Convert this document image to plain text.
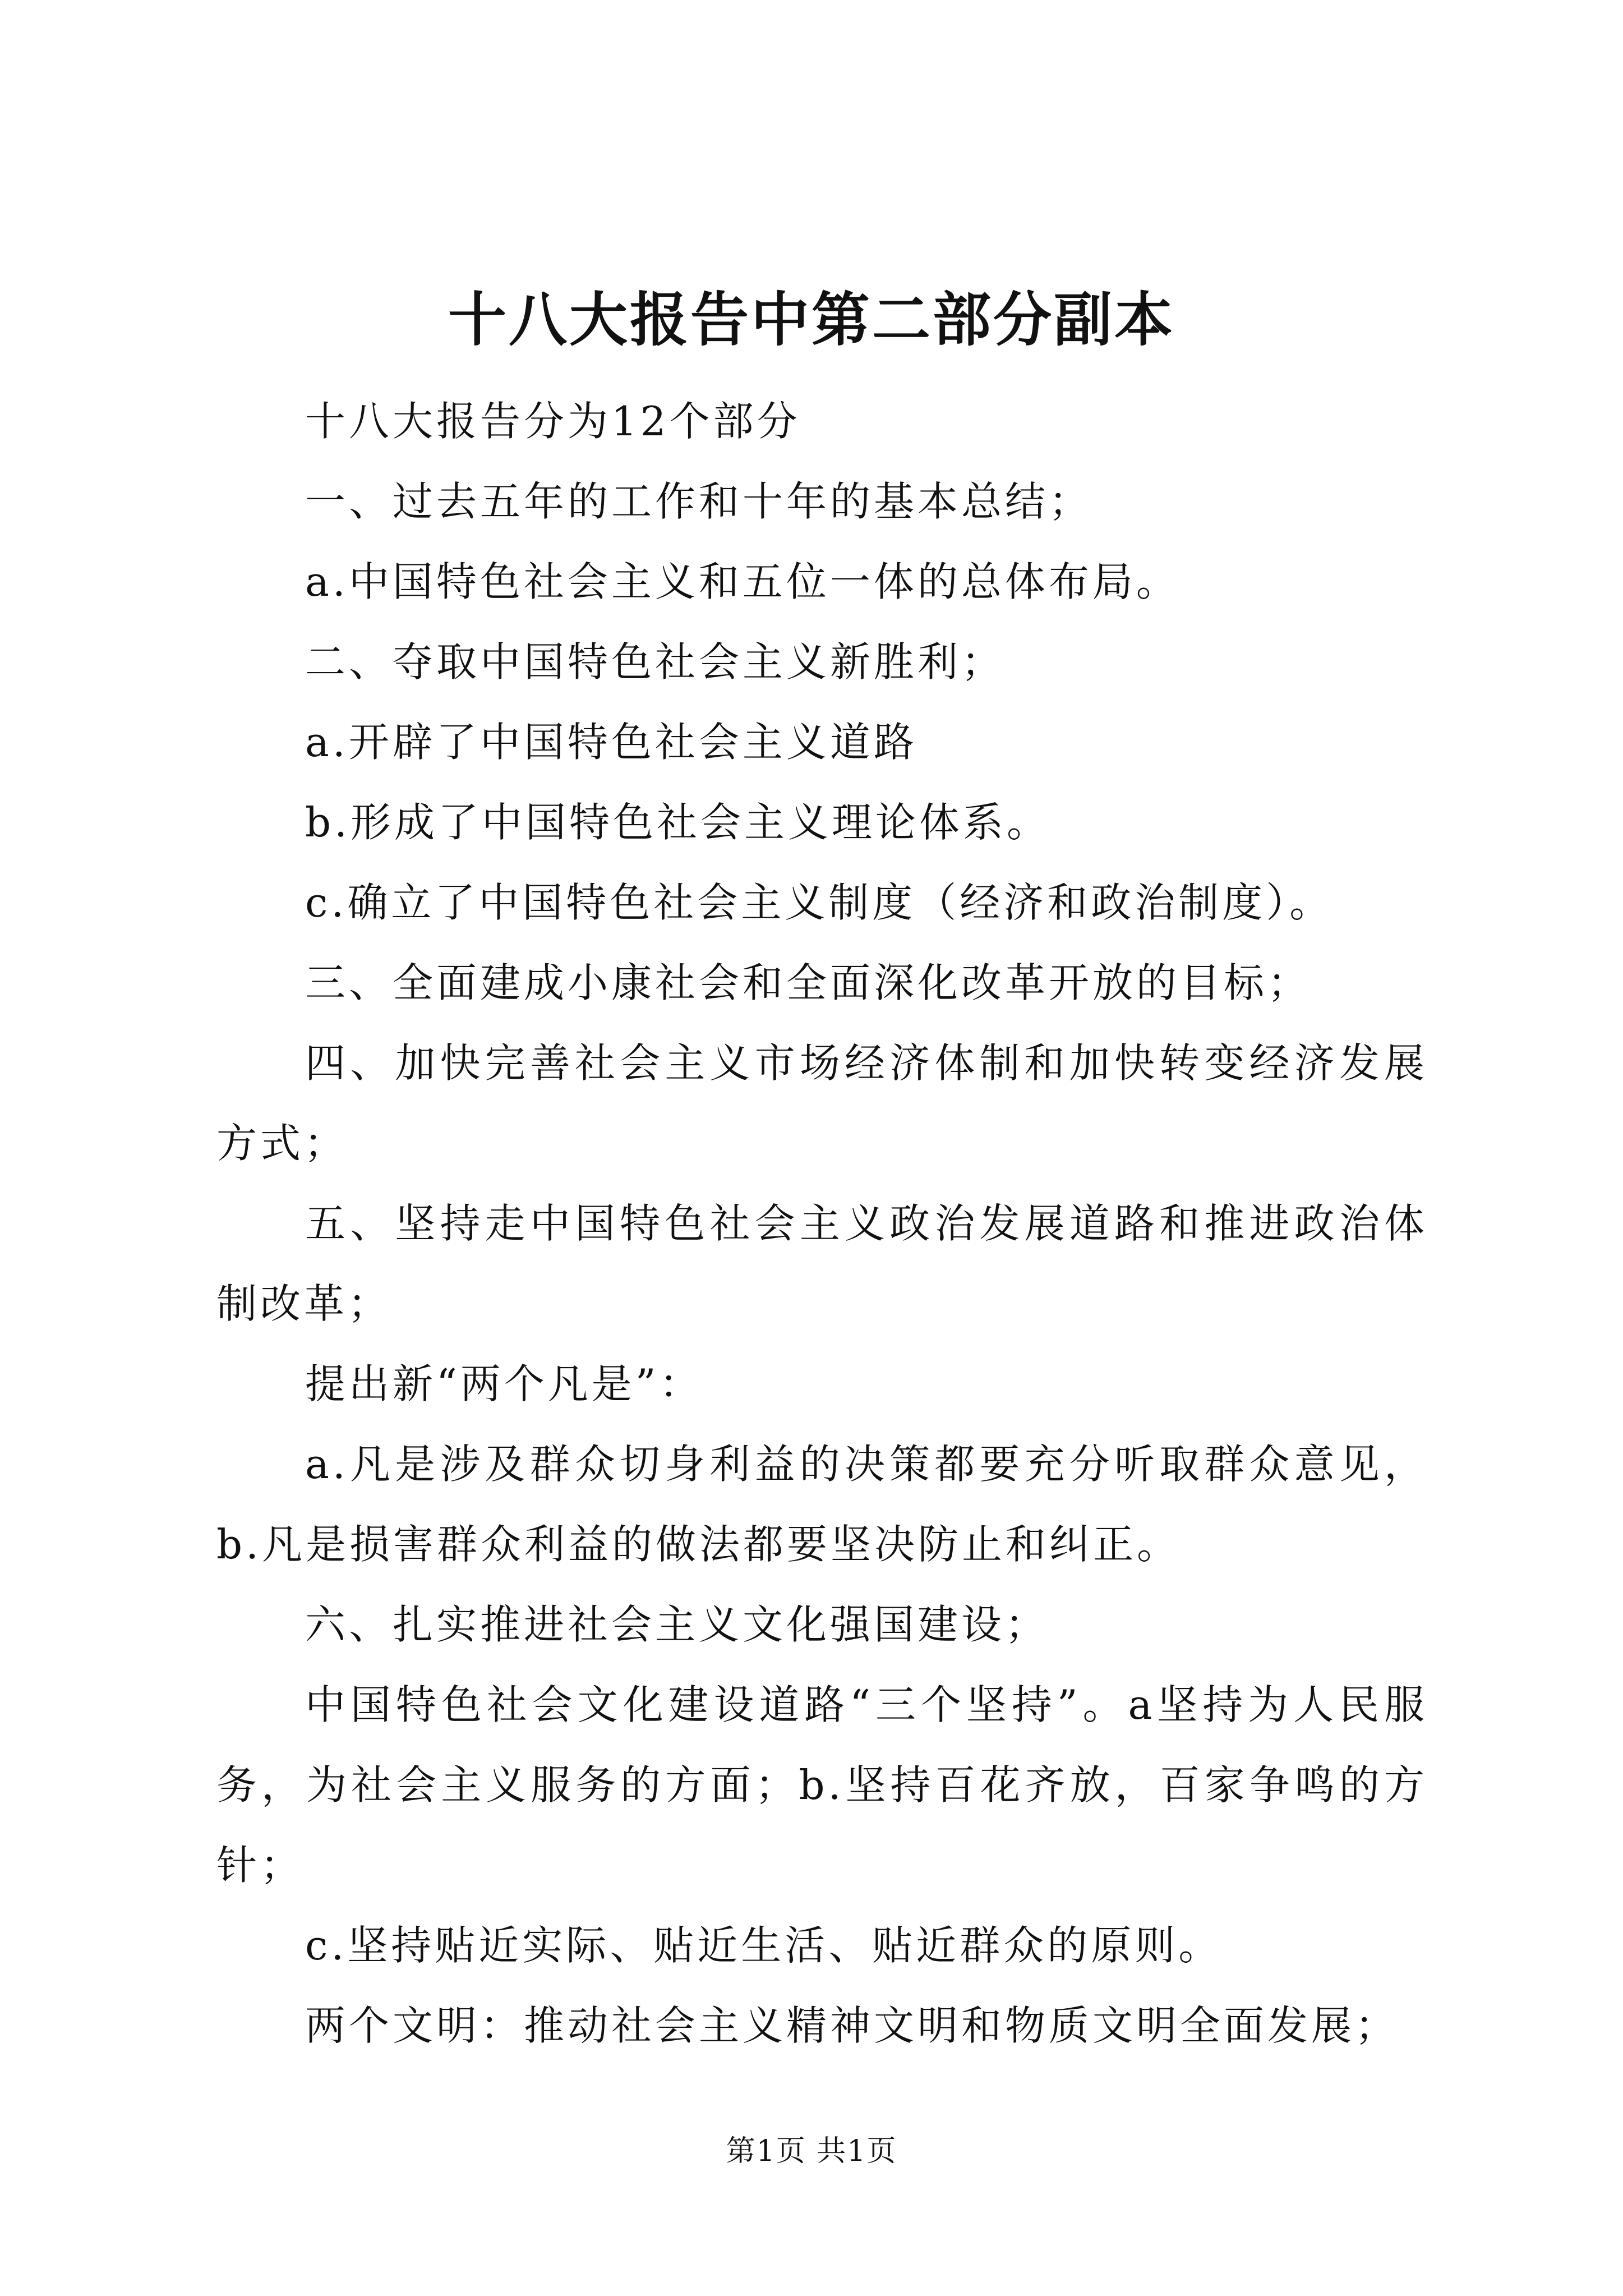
十八大报告中第二部分副本

十八大报告分为12个部分

一、过去五年的工作和十年的基本总结；

a.中国特色社会主义和五位一体的总体布局。

二、夺取中国特色社会主义新胜利；

a.开辟了中国特色社会主义道路

b.形成了中国特色社会主义理论体系。

c.确立了中国特色社会主义制度（经济和政治制度）。

三、全面建成小康社会和全面深化改革开放的目标；

四、加快完善社会主义市场经济体制和加快转变经济发展方式；

五、坚持走中国特色社会主义政治发展道路和推进政治体制改革；

提出新“两个凡是”：

a.凡是涉及群众切身利益的决策都要充分听取群众意见，b.凡是损害群众利益的做法都要坚决防止和纠正。

六、扎实推进社会主义文化强国建设；

中国特色社会文化建设道路“三个坚持”。a坚持为人民服务，为社会主义服务的方面；b.坚持百花齐放，百家争鸣的方针；

c.坚持贴近实际、贴近生活、贴近群众的原则。

两个文明：推动社会主义精神文明和物质文明全面发展；

第1页 共1页
